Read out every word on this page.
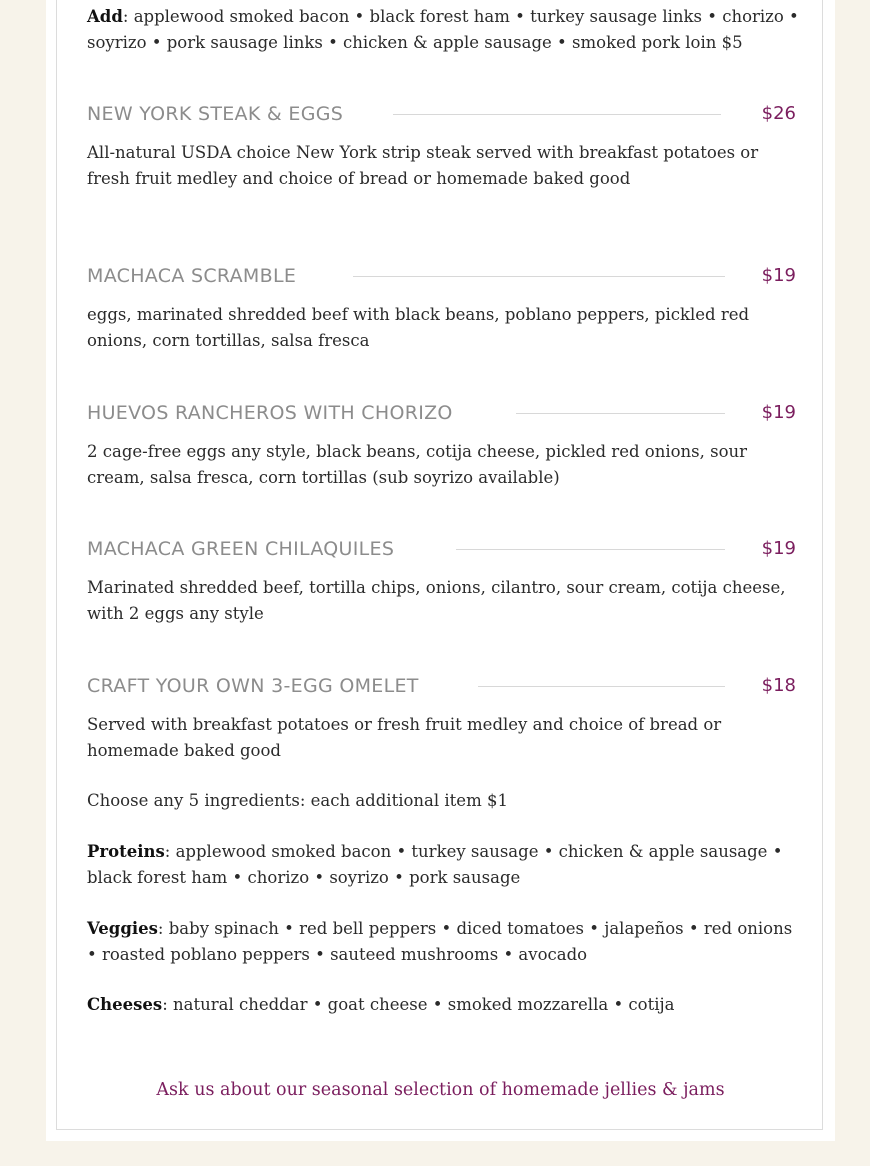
Add: applewood smoked bacon • black forest ham • turkey sausage links • chorizo • soyrizo • pork sausage links • chicken & apple sausage • smoked pork loin $5
NEW YORK STEAK & EGGS	$26
All-natural USDA choice New York strip steak served with breakfast potatoes or fresh fruit medley and choice of bread or homemade baked good
MACHACA SCRAMBLE	$19
eggs, marinated shredded beef with black beans, poblano peppers, pickled red onions, corn tortillas, salsa fresca
HUEVOS RANCHEROS WITH CHORIZO	$19
2 cage-free eggs any style, black beans, cotija cheese, pickled red onions, sour cream, salsa fresca, corn tortillas (sub soyrizo available)
MACHACA GREEN CHILAQUILES	$19
Marinated shredded beef, tortilla chips, onions, cilantro, sour cream, cotija cheese, with 2 eggs any style
CRAFT YOUR OWN 3-EGG OMELET	$18
Served with breakfast potatoes or fresh fruit medley and choice of bread or homemade baked good
Choose any 5 ingredients: each additional item $1
Proteins: applewood smoked bacon • turkey sausage • chicken & apple sausage • black forest ham • chorizo • soyrizo • pork sausage
Veggies: baby spinach • red bell peppers • diced tomatoes • jalapeños • red onions • roasted poblano peppers • sauteed mushrooms • avocado
Cheeses: natural cheddar • goat cheese • smoked mozzarella • cotija
Ask us about our seasonal selection of homemade jellies & jams
